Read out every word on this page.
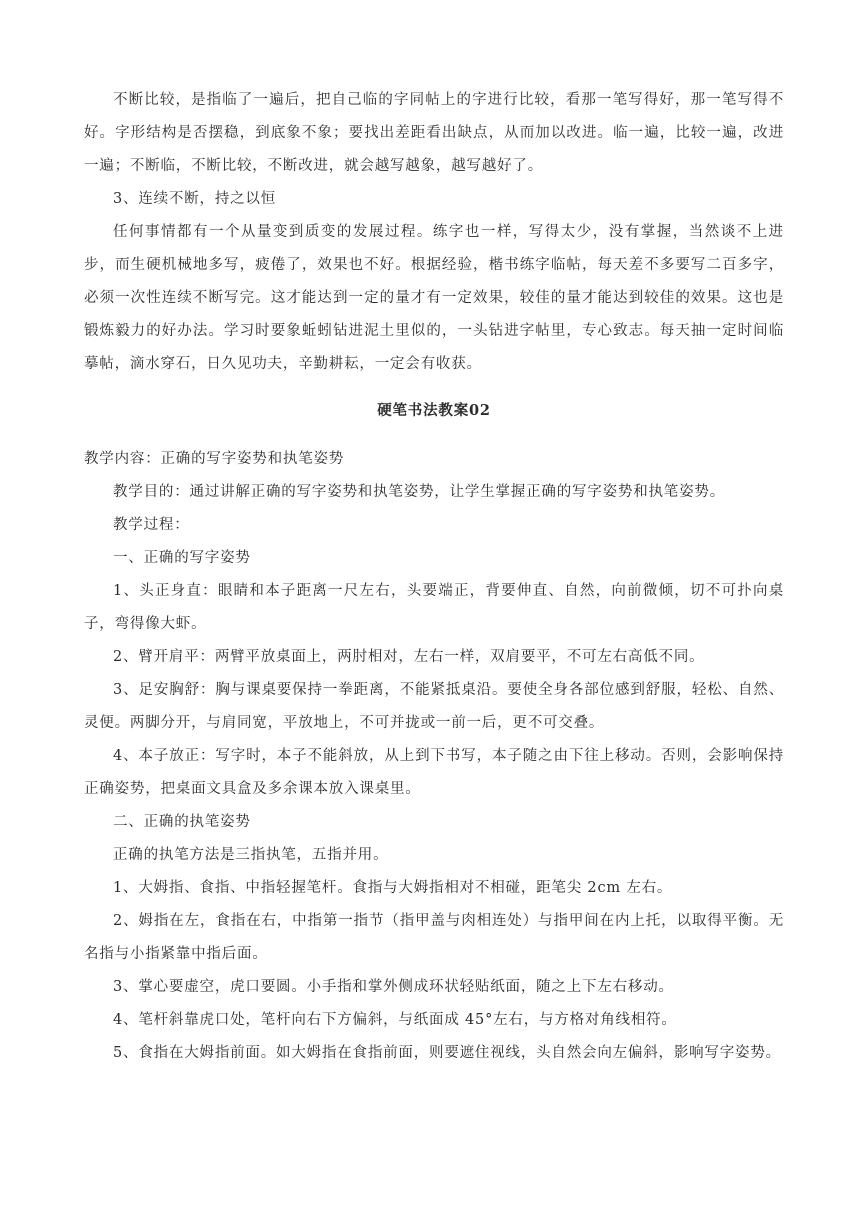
不断比较，是指临了一遍后，把自己临的字同帖上的字进行比较，看那一笔写得好，那一笔写得不好。字形结构是否摆稳，到底象不象；要找出差距看出缺点，从而加以改进。临一遍，比较一遍，改进一遍；不断临，不断比较，不断改进，就会越写越象，越写越好了。

3、连续不断，持之以恒

任何事情都有一个从量变到质变的发展过程。练字也一样，写得太少，没有掌握，当然谈不上进步，而生硬机械地多写，疲倦了，效果也不好。根据经验，楷书练字临帖，每天差不多要写二百多字，必须一次性连续不断写完。这才能达到一定的量才有一定效果，较佳的量才能达到较佳的效果。这也是锻炼毅力的好办法。学习时要象蚯蚓钻进泥土里似的，一头钻进字帖里，专心致志。每天抽一定时间临摹帖，滴水穿石，日久见功夫，辛勤耕耘，一定会有收获。

硬笔书法教案02

教学内容：正确的写字姿势和执笔姿势

教学目的：通过讲解正确的写字姿势和执笔姿势，让学生掌握正确的写字姿势和执笔姿势。

教学过程：

一、正确的写字姿势

1、头正身直：眼睛和本子距离一尺左右，头要端正，背要伸直、自然，向前微倾，切不可扑向桌子，弯得像大虾。

2、臂开肩平：两臂平放桌面上，两肘相对，左右一样，双肩要平，不可左右高低不同。

3、足安胸舒：胸与课桌要保持一拳距离，不能紧抵桌沿。要使全身各部位感到舒服，轻松、自然、灵便。两脚分开，与肩同宽，平放地上，不可并拢或一前一后，更不可交叠。

4、本子放正：写字时，本子不能斜放，从上到下书写，本子随之由下往上移动。否则，会影响保持正确姿势，把桌面文具盒及多余课本放入课桌里。

二、正确的执笔姿势

正确的执笔方法是三指执笔，五指并用。

1、大姆指、食指、中指轻握笔杆。食指与大姆指相对不相碰，距笔尖 2cm 左右。

2、姆指在左，食指在右，中指第一指节（指甲盖与肉相连处）与指甲间在内上托，以取得平衡。无名指与小指紧靠中指后面。

3、掌心要虚空，虎口要圆。小手指和掌外侧成环状轻贴纸面，随之上下左右移动。

4、笔杆斜靠虎口处，笔杆向右下方偏斜，与纸面成 45°左右，与方格对角线相符。

5、食指在大姆指前面。如大姆指在食指前面，则要遮住视线，头自然会向左偏斜，影响写字姿势。
